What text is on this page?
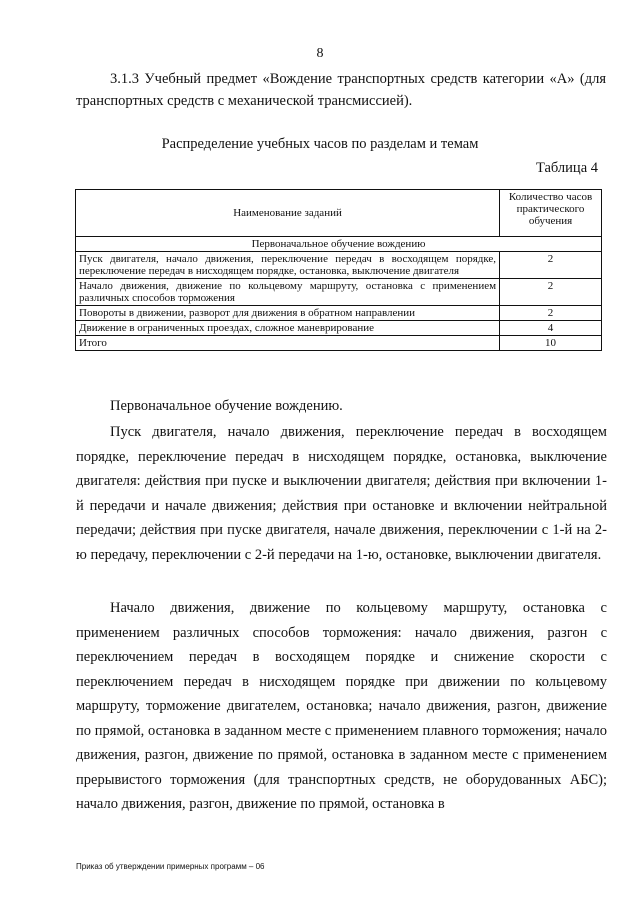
8
3.1.3 Учебный предмет «Вождение транспортных средств категории «А» (для транспортных средств с механической трансмиссией).
Распределение учебных часов по разделам и темам
Таблица 4
Наименование заданий	Количество часов практического обучения
Первоначальное обучение вождению	
Пуск двигателя, начало движения, переключение передач в восходящем порядке, переключение передач в нисходящем порядке, остановка, выключение двигателя	2
Начало движения, движение по кольцевому маршруту, остановка с применением различных способов торможения	2
Повороты в движении, разворот для движения в обратном направлении	2
Движение в ограниченных проездах, сложное маневрирование	4
Итого	10
Первоначальное обучение вождению.
Пуск двигателя, начало движения, переключение передач в восходящем порядке, переключение передач в нисходящем порядке, остановка, выключение двигателя: действия при пуске и выключении двигателя; действия при включении 1-й передачи и начале движения; действия при остановке и включении нейтральной передачи; действия при пуске двигателя, начале движения, переключении с 1-й на 2-ю передачу, переключении с 2-й передачи на 1-ю, остановке, выключении двигателя.
Начало движения, движение по кольцевому маршруту, остановка с применением различных способов торможения: начало движения, разгон с переключением передач в восходящем порядке и снижение скорости с переключением передач в нисходящем порядке при движении по кольцевому маршруту, торможение двигателем, остановка; начало движения, разгон, движение по прямой, остановка в заданном месте с применением плавного торможения; начало движения, разгон, движение по прямой, остановка в заданном месте с применением прерывистого торможения (для транспортных средств, не оборудованных АБС); начало движения, разгон, движение по прямой, остановка в
Приказ об утверждении примерных программ – 06
